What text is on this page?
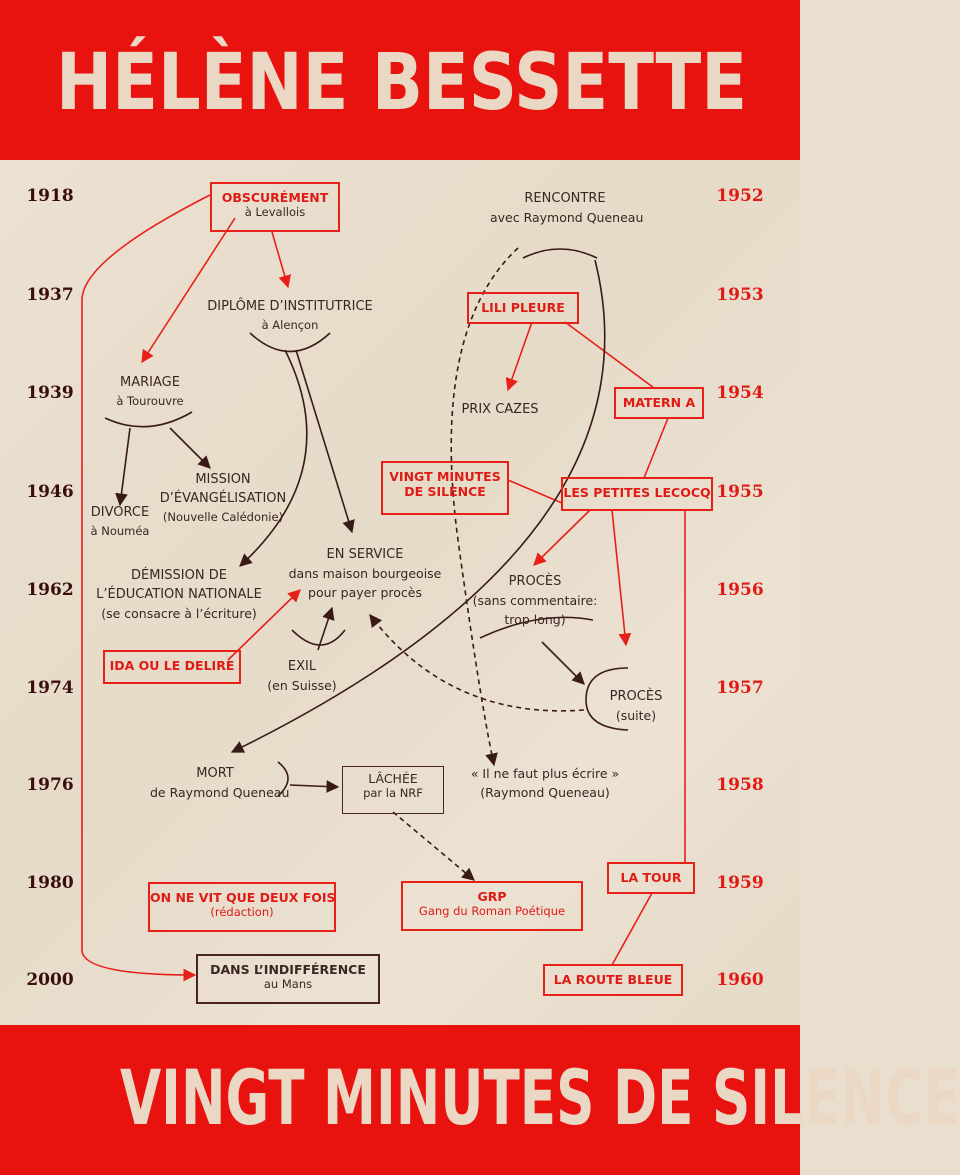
HÉLÈNE BESSETTE
VINGT MINUTES DE SILENCE
1918
1937
1939
1946
1962
1974
1976
1980
2000
1952
1953
1954
1955
1956
1957
1958
1959
1960
OBSCURÉMENT
à Levallois
LILI PLEURE
MATERN A
VINGT MINUTES
DE SILENCE	LES PETITES LECOCQ
IDA OU LE DELIRE
ON NE VIT QUE DEUX FOIS
(rédaction)
GRP
Gang du Roman Poétique
LA TOUR
LA ROUTE BLEUE
DANS L’INDIFFÉRENCE
au Mans
LÂCHÉE
par la NRF
DIPLÔME D’INSTITUTRICE
à Alençon
MARIAGE
à Tourouvre
MISSION
D’ÉVANGÉLISATION
(Nouvelle Calédonie)
DIVORCE
à Nouméa
DÉMISSION DE
L’ÉDUCATION NATIONALE
(se consacre à l’écriture)
EN SERVICE
dans maison bourgeoise
pour payer procès
EXIL
(en Suisse)
MORT
de Raymond Queneau
RENCONTRE
avec Raymond Queneau
PRIX CAZES
PROCÈS
(sans commentaire:
trop long)
PROCÈS
(suite)
« Il ne faut plus écrire »
(Raymond Queneau)
